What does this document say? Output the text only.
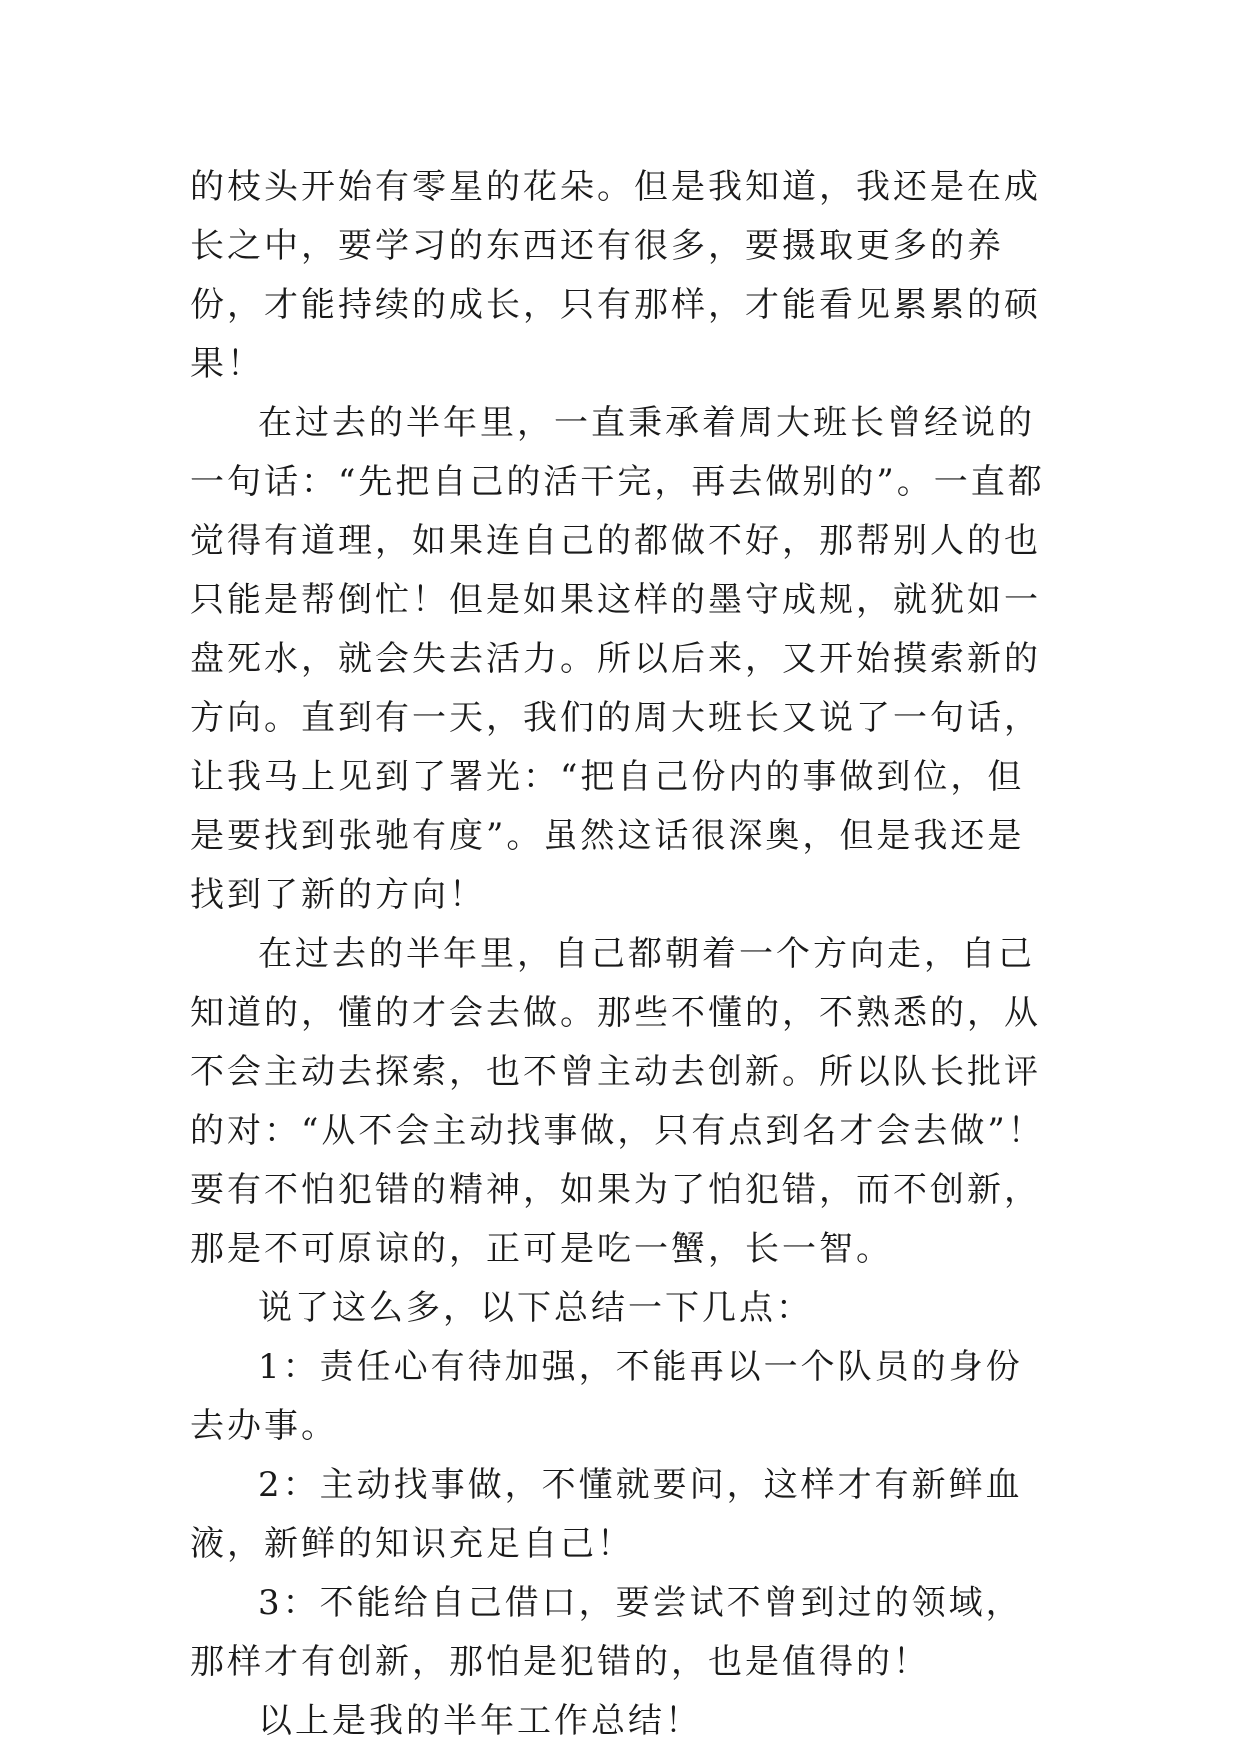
的枝头开始有零星的花朵。但是我知道，我还是在成长之中，要学习的东西还有很多，要摄取更多的养份，才能持续的成长，只有那样，才能看见累累的硕果！

在过去的半年里，一直秉承着周大班长曾经说的一句话：“先把自己的活干完，再去做别的”。一直都觉得有道理，如果连自己的都做不好，那帮别人的也只能是帮倒忙！但是如果这样的墨守成规，就犹如一盘死水，就会失去活力。所以后来，又开始摸索新的方向。直到有一天，我们的周大班长又说了一句话，让我马上见到了署光：“把自己份内的事做到位，但是要找到张驰有度”。虽然这话很深奥，但是我还是找到了新的方向！

在过去的半年里，自己都朝着一个方向走，自己知道的，懂的才会去做。那些不懂的，不熟悉的，从不会主动去探索，也不曾主动去创新。所以队长批评的对：“从不会主动找事做，只有点到名才会去做”！要有不怕犯错的精神，如果为了怕犯错，而不创新，那是不可原谅的，正可是吃一蟹，长一智。

说了这么多，以下总结一下几点：

1：责任心有待加强，不能再以一个队员的身份去办事。

2：主动找事做，不懂就要问，这样才有新鲜血液，新鲜的知识充足自己！

3：不能给自己借口，要尝试不曾到过的领域，那样才有创新，那怕是犯错的，也是值得的！

以上是我的半年工作总结！
